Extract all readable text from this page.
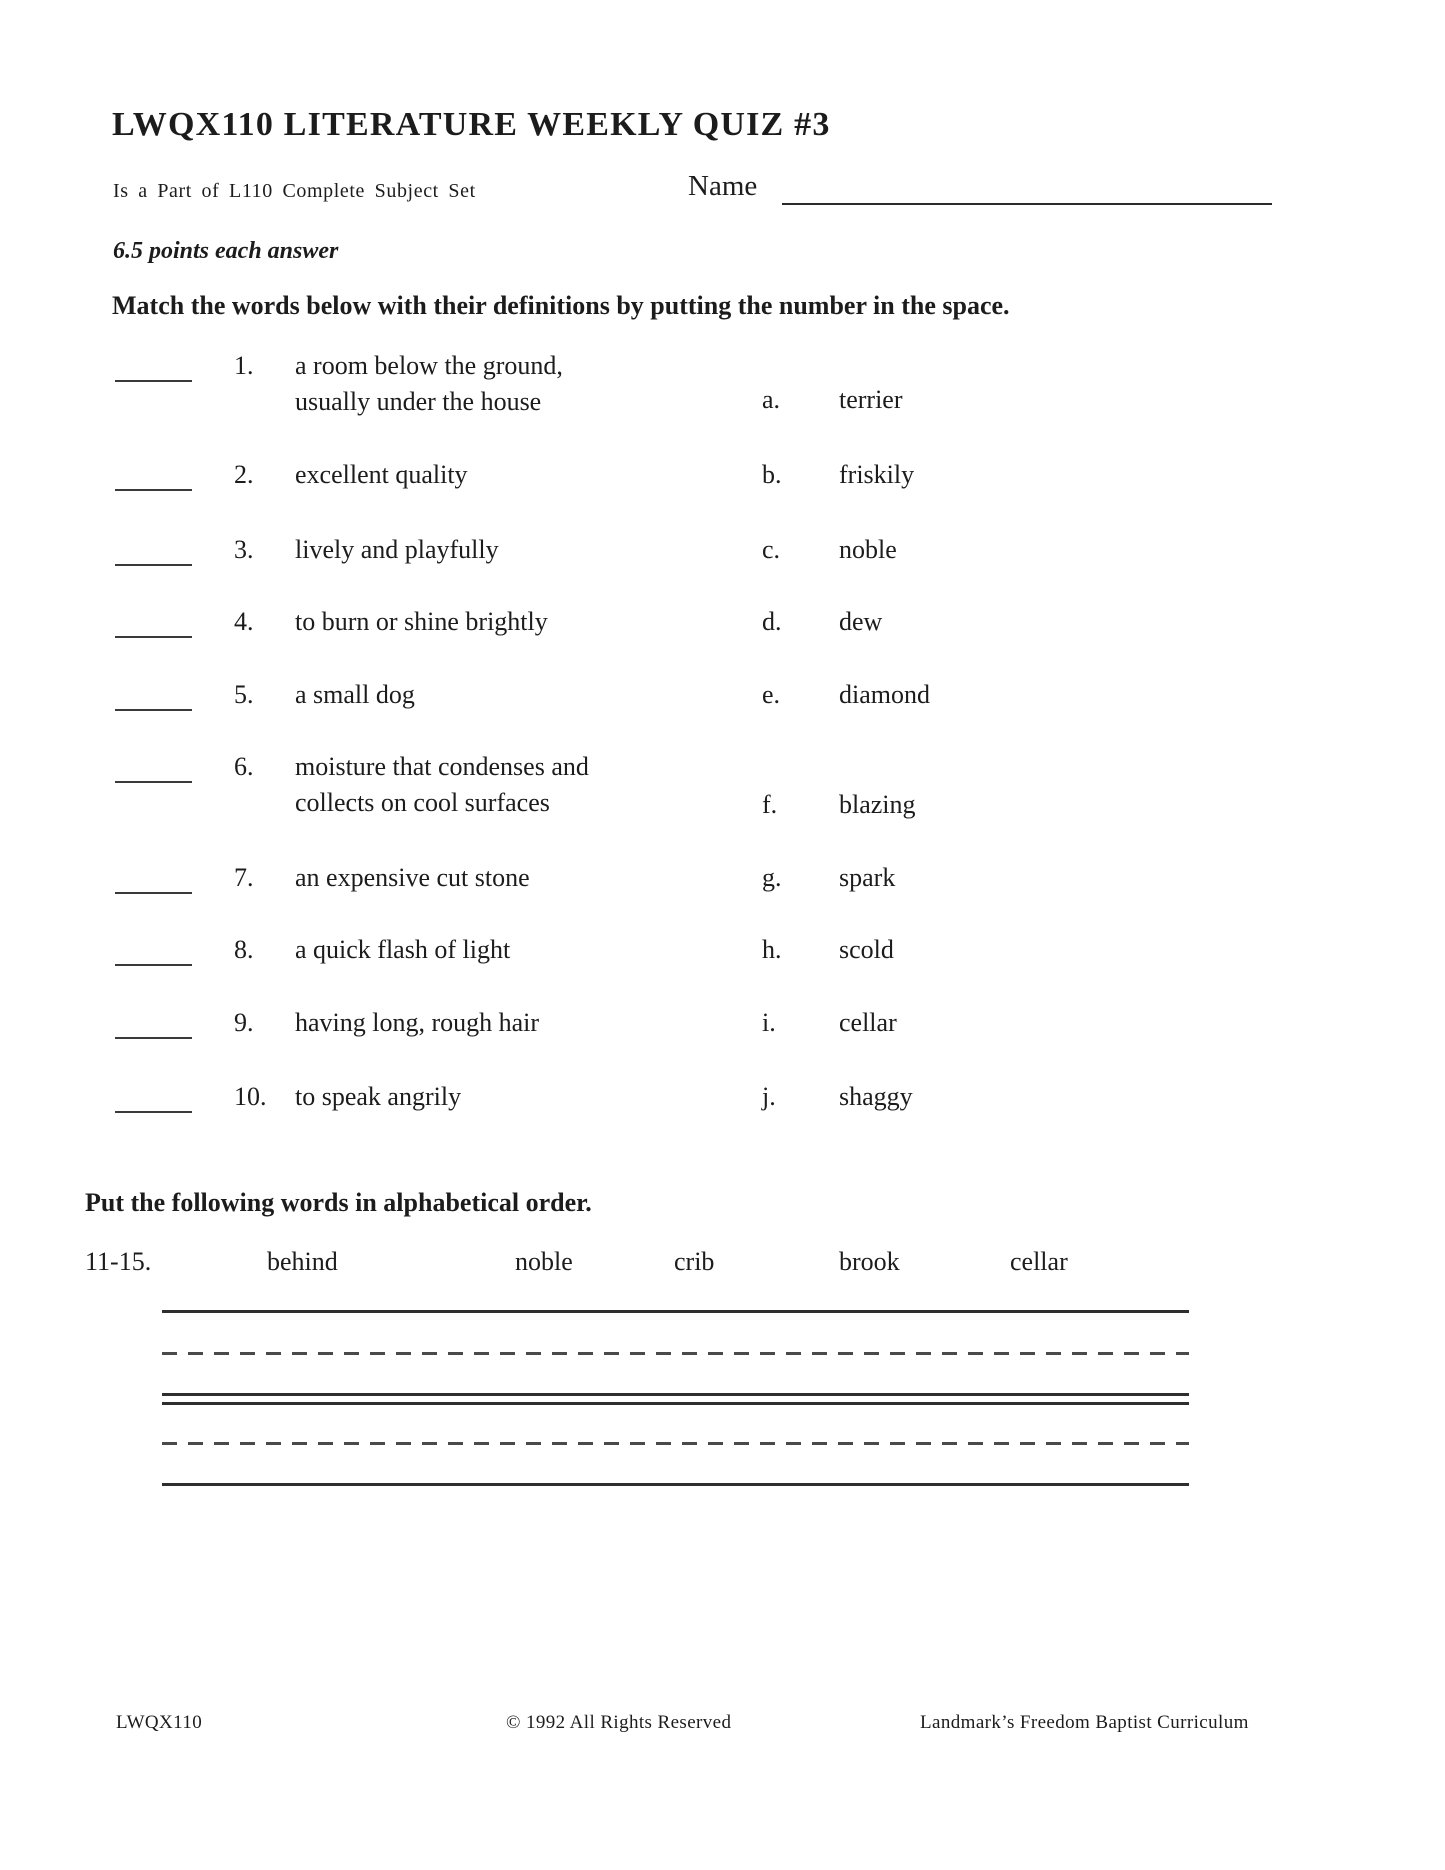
LWQX110 LITERATURE WEEKLY QUIZ #3
Is a Part of L110 Complete Subject Set	Name
6.5 points each answer
Match the words below with their definitions by putting the number in the space.
1. a room below the ground,
usually under the house	a. terrier
2. excellent quality	b. friskily
3. lively and playfully	c. noble
4. to burn or shine brightly	d. dew
5. a small dog	e. diamond
6. moisture that condenses and
collects on cool surfaces	f. blazing
7. an expensive cut stone	g. spark
8. a quick flash of light	h. scold
9. having long, rough hair	i. cellar
10. to speak angrily	j. shaggy
Put the following words in alphabetical order.
11-15.	behind	noble	crib	brook	cellar
LWQX110	© 1992 All Rights Reserved	Landmark’s Freedom Baptist Curriculum
